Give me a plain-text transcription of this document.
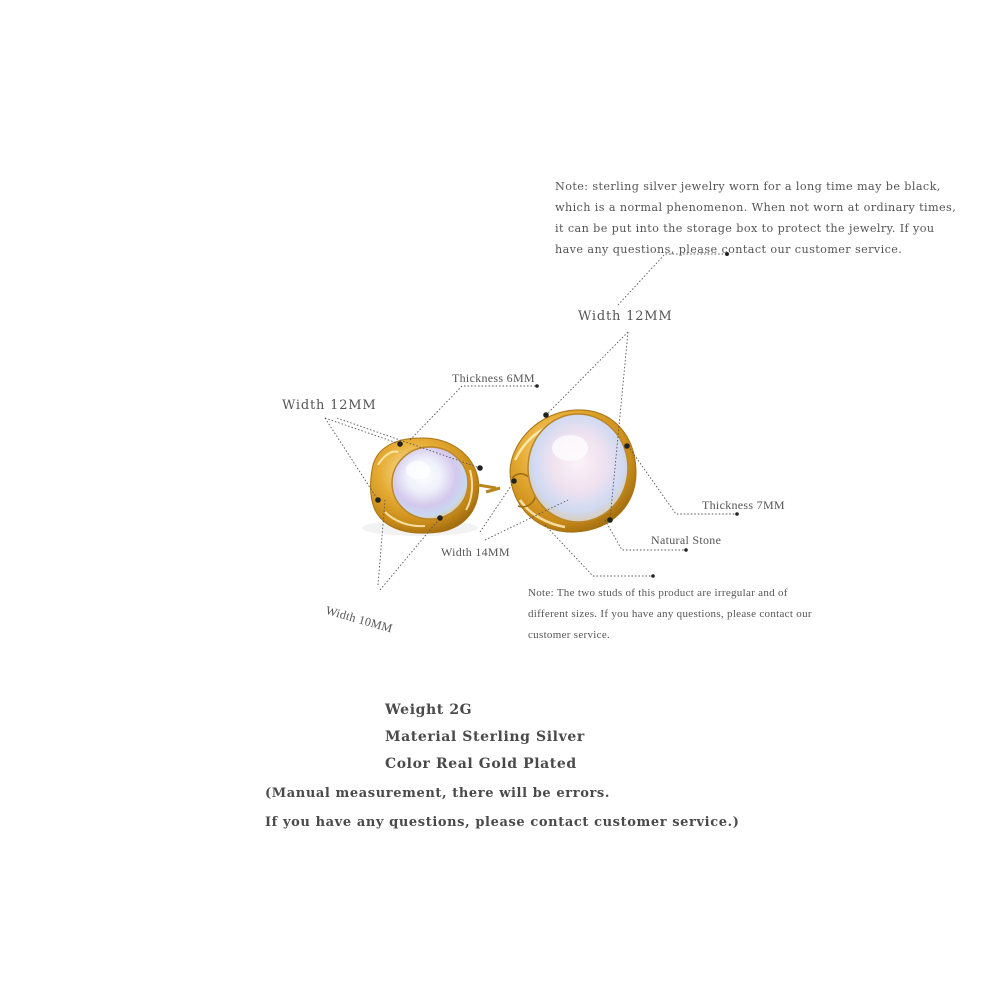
Note: sterling silver jewelry worn for a long time may be black, which is a normal phenomenon. When not worn at ordinary times, it can be put into the storage box to protect the jewelry. If you have any questions, please contact our customer service.
Width 12MM
Width 12MM
Thickness 6MM
Thickness 7MM
Natural Stone
Width 14MM
Width 10MM
Note: The two studs of this product are irregular and of different sizes. If you have any questions, please contact our customer service.
Weight 2G
Material Sterling Silver
Color Real Gold Plated
(Manual measurement, there will be errors.
If you have any questions, please contact customer service.)
